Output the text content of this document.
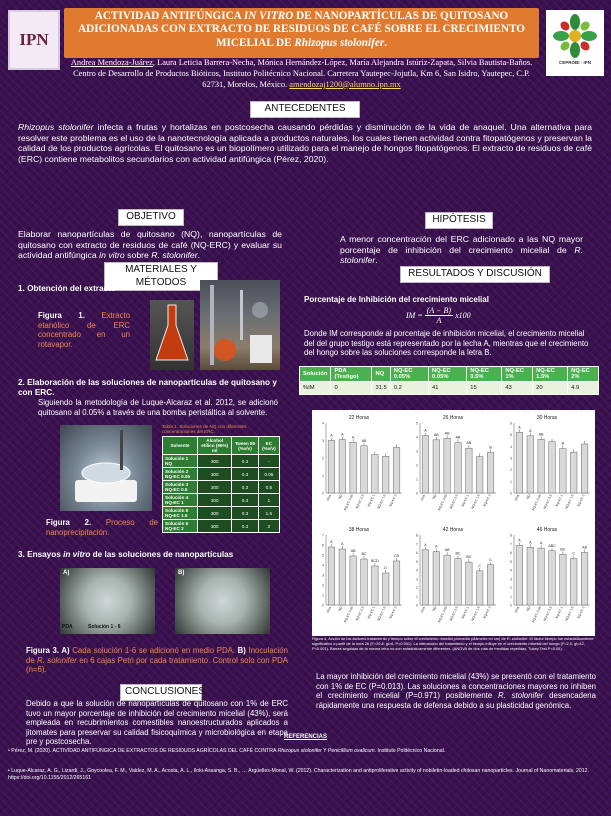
IPN
ACTIVIDAD ANTIFÚNGICA IN VITRO DE NANOPARTÍCULAS DE QUITOSANO ADICIONADAS CON EXTRACTO DE RESIDUOS DE CAFÉ SOBRE EL CRECIMIENTO MICELIAL DE Rhizopus stolonifer.
CEPROBI · IPN
Andrea Mendoza-Juárez, Laura Leticia Barrera-Necha, Mónica Hernández-López, María Alejandra Istúriz-Zapata, Silvia Bautista-Baños. Centro de Desarrollo de Productos Bióticos, Instituto Politécnico Nacional. Carretera Yautepec-Jojutla, Km 6, San Isidro, Yautepec, C.P. 62731, Morelos, México. amendozaj1200@alumno.ipn.mx
ANTECEDENTES
Rhizopus stolonifer infecta a frutas y hortalizas en postcosecha causando pérdidas y disminución de la vida de anaquel. Una alternativa para resolver este problema es el uso de la nanotecnología aplicada a productos naturales, los cuales tienen actividad contra fitopatógenos y preservan la calidad de los productos agrícolas. El quitosano es un biopolímero utilizado para el manejo de hongos fitopatógenos. El extracto de residuos de café (ERC) contiene metabolitos secundarios con actividad antifúngica (Pérez, 2020).
OBJETIVO
Elaborar nanopartículas de quitosano (NQ), nanopartículas de quitosano con extracto de residuos de café (NQ-ERC) y evaluar su actividad antifúngica in vitro sobre R. stolonifer.
HIPÓTESIS
A menor concentración del ERC adicionado a las NQ mayor porcentaje de inhibición del crecimiento micelial de R. stolonifer.
MATERIALES Y MÉTODOS
1. Obtención del extracto
Figura 1. Extracto etanólico de ERC concentrado en un rotavapor.
2. Elaboración de las soluciones de nanopartículas de quitosano y con ERC.
Siguiendo la metodología de Luque-Alcaraz et al. 2012, se adicionó quitosano al 0.05% a través de una bomba peristáltica al solvente.
Figura 2. Proceso de nanoprecipitación.
Tabla 1. Soluciones de NQ con diferentes concentraciones del ERC.
Solvente	Alcohol etílico (96%) ml	Tween 80 (%v/v)	EC (%v/v)
Solución 1 NQ	300	0.3	-
Solución 2 NQ-EC 0.05	300	0.3	0.05
Solución 3 NQ-EC 0.5	300	0.3	0.5
Solución 4 NQ-EC 1	300	0.3	1
Solución 5 NQ-EC 1.5	300	0.3	1.5
Solución 6 NQ-EC 2	300	0.3	2
3. Ensayos in vitro de las soluciones de nanopartículas
A)
PDA	Solución 1 - 6
B)
Figura 3. A) Cada solución 1-6 se adicionó en medio PDA. B) Inoculación de R. solonifer en 6 cajas Petri por cada tratamiento. Control solo con PDA (n=6).
CONCLUSIONES
Debido a que la solución de nanopartículas de quitosano con 1% de ERC tuvo un mayor porcentaje de inhibición del crecimiento micelial (43%), será empleada en recubrimientos comestibles nanoestructurados aplicados a jitomates para preservar su calidad fisicoquímica y microbiológica en etapa pre y postcosecha.
RESULTADOS Y DISCUSIÓN
Porcentaje de Inhibición del crecimiento micelial
IM = $\frac{(A - B)}{A} x100$
Donde IM corresponde al porcentaje de inhibición micelial, el crecimiento micelial del del grupo testigo está representado por la lecha A, mientras que el crecimiento del hongo sobre las soluciones corresponde la letra B.
Solución	PDA (Testigo)	NQ	NQ-EC 0.05%	NQ-EC 0.05%	NQ-EC 0.5%	NQ-EC 1%	NQ-EC 1.5%	NQ-EC 2%
%IM	0	31.5	0.2	41	15	43	20	4.9
22 Horas
0
1
2
3
4
A
PDA
A
NQ
A
NQ-EC 0.05
AB
NQ-EC 0.5 NQ-EC 1 NQ-EC 1.5 NQ-EC 2
26 Horas
0
1
2
3
4
5
A
PDA
AB
NQ
AB
NQ-EC 0.05
AB
NQ-EC 0.5
AB
NQ-EC 1 NQ-EC 1.5
B
NQ-EC 2
30 Horas
0
1
2
3
4
5
6
A
PDA
A
NQ
AB
NQ-EC 0.05 NQ-EC 0.5
B
NQ-EC 1 NQ-EC 1.5 NQ-EC 2
38 Horas
0
1
2
3
4
5
6
7
A
PDA
A
NQ
AB
NQ-EC 0.05
BC
NQ-EC 0.5
BCD
NQ-EC 1
D
NQ-EC 1.5
CD
NQ-EC 2
42 Horas
0
1
2
3
4
5
6
7
8
A
PDA
A
NQ
AB
NQ-EC 0.05
BC
NQ-EC 0.5
BC
NQ-EC 1
C
NQ-EC 1.5
C
NQ-EC 2
46 Horas
0
1
2
3
4
5
6
7
8
A
PDA
A
NQ
A
NQ-EC 0.05
ABC
NQ-EC 0.5
BC
NQ-EC 1
C
NQ-EC 1.5
AB
NQ-EC 2
Figura 4. Acción de los factores tratamiento y tiempo sobre el crecimiento micelial promedio (diámetro en cm) de R. stolonifer. El factor tiempo fue estadísticamente significativo a partir de la hora 26 (F=20.8, gl=6, P<0.001). La interacción del tratamiento y el tiempo influye en el crecimiento micelial del hongo (F=2.5, gl=42, P<0.001). Barras seguidas de la misma letra no son estadísticamente diferentes. (ANOVA de dos vías de medidas repetidas, Tukey Test P<0.05).
La mayor inhibición del crecimiento micelial (43%) se presentó con el tratamiento con 1% de EC (P=0.013). Las soluciones a concentraciones mayores no inhiben el crecimiento micelial (P=0.971) posiblemente R. stolonifer desencadena rápidamente una respuesta de defensa debido a su plasticidad genómica.
REFERENCIAS
• Pérez, M. (2020). ACTIVIDAD ANTIFÚNGICA DE EXTRACTOS DE RESIDUOS AGRÍCOLAS DEL CAFÉ CONTRA Rhizopus stolonifer Y Penicillium oxalicum. Instituto Politécnico Nacional.
• Luque-Alcaraz, A. G., Lizardi, J., Goycoolea, F. M., Valdez, M. A., Acosta, A. L., Iloki-Assanga, S. B., … Argüelles-Monal, W. (2012). Characterization and antiproliferative activity of nobiletin-loaded chitosan nanoparticles. Journal of Nanomaterials, 2012. https://doi.org/10.1155/2012/265161
